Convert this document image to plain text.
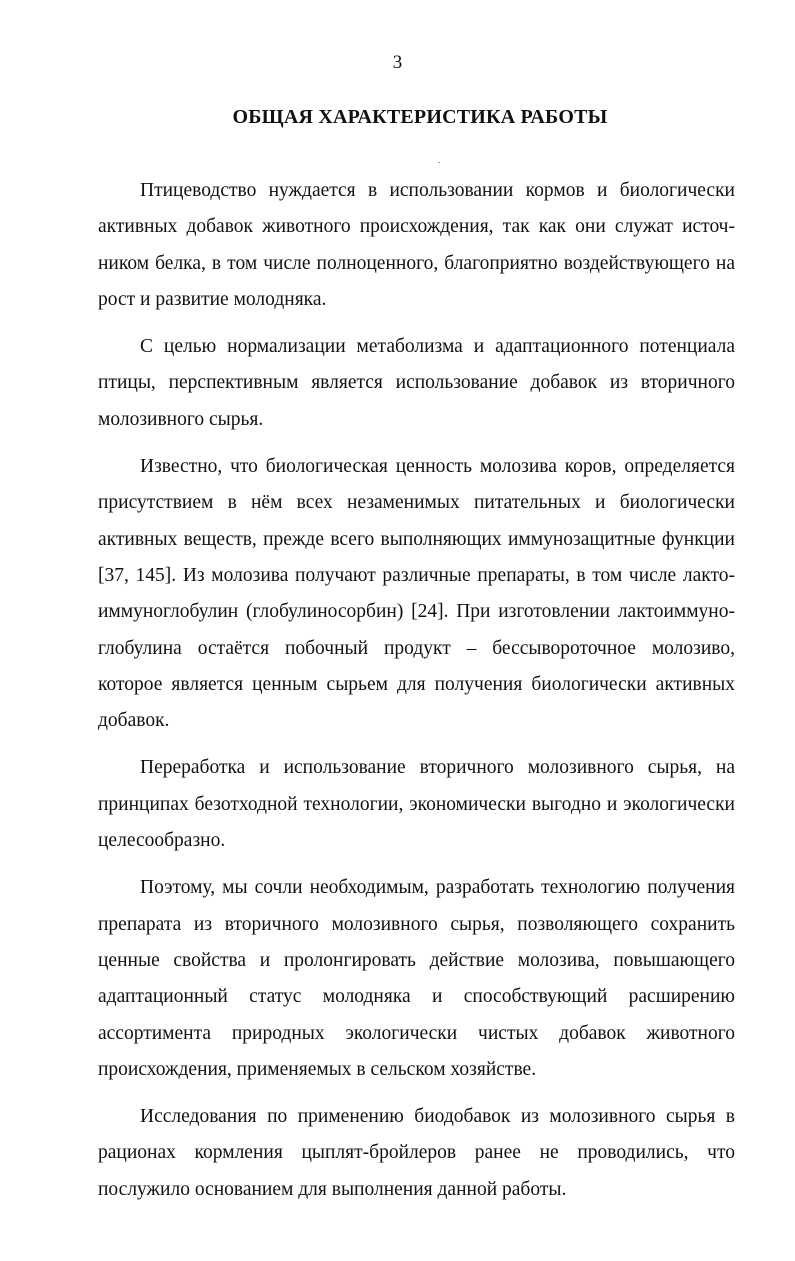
3
ОБЩАЯ ХАРАКТЕРИСТИКА РАБОТЫ

Птицеводство нуждается в использовании кормов и биологически активных добавок животного происхождения, так как они служат источником белка, в том числе полноценного, благоприятно воздействующего на рост и развитие молодняка.

С целью нормализации метаболизма и адаптационного потенциала птицы, перспективным является использование добавок из вторичного молозивного сырья.

Известно, что биологическая ценность молозива коров, определяется присутствием в нём всех незаменимых питательных и биологически активных веществ, прежде всего выполняющих иммунозащитные функции [37, 145]. Из молозива получают различные препараты, в том числе лактоиммуноглобулин (глобулиносорбин) [24]. При изготовлении лактоиммуноглобулина остаётся побочный продукт – бессывороточное молозиво, которое является ценным сырьем для получения биологически активных добавок.

Переработка и использование вторичного молозивного сырья, на принципах безотходной технологии, экономически выгодно и экологически целесообразно.

Поэтому, мы сочли необходимым, разработать технологию получения препарата из вторичного молозивного сырья, позволяющего сохранить ценные свойства и пролонгировать действие молозива, повышающего адаптационный статус молодняка и способствующий расширению ассортимента природных экологически чистых добавок животного происхождения, применяемых в сельском хозяйстве.

Исследования по применению биодобавок из молозивного сырья в рационах кормления цыплят-бройлеров ранее не проводились, что послужило основанием для выполнения данной работы.
